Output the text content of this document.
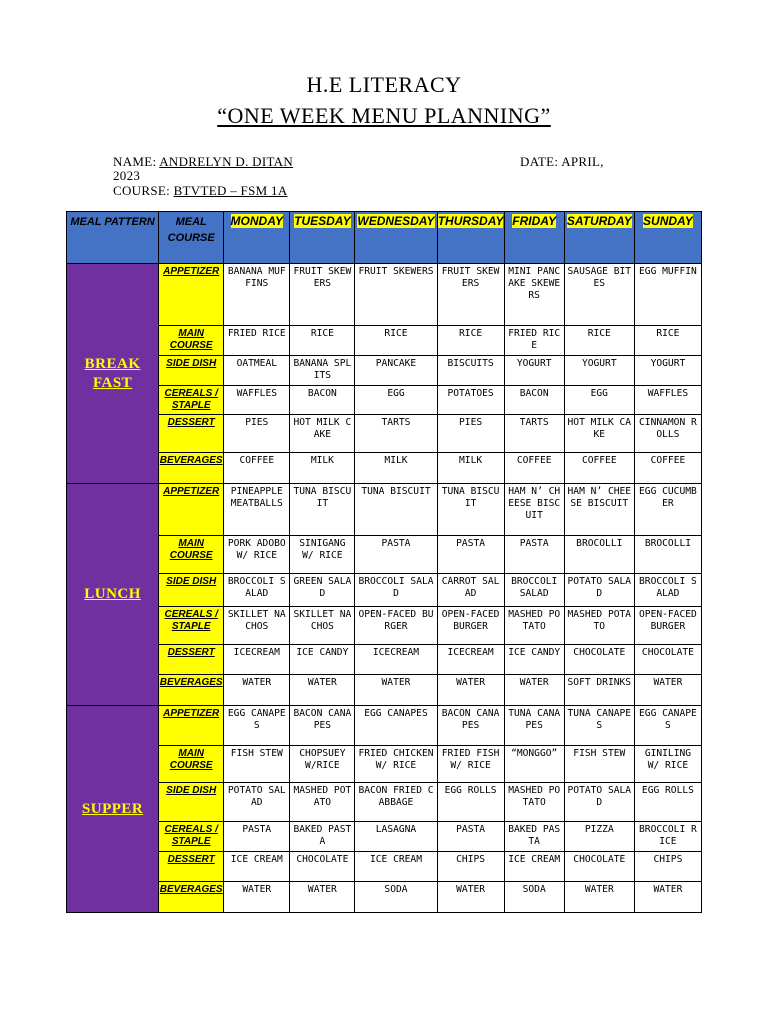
H.E LITERACY
“ONE WEEK MENU PLANNING”
NAME: ANDRELYN D. DITAN	DATE: APRIL,
2023
COURSE: BTVTED – FSM 1A
MEAL PATTERN	MEAL COURSE	MONDAY	TUESDAY	WEDNESDAY	THURSDAY	FRIDAY	SATURDAY	SUNDAY
BREAK FAST	APPETIZER	BANANA MUFFINS	FRUIT SKEWERS	FRUIT SKEWERS	FRUIT SKEWERS	MINI PANCAKE SKEWERS	SAUSAGE BITES	EGG MUFFIN

	MAIN COURSE	FRIED RICE	RICE	RICE	RICE	FRIED RICE	RICE	RICE

	SIDE DISH	OATMEAL	BANANA SPLITS	PANCAKE	BISCUITS	YOGURT	YOGURT	YOGURT

	CEREALS / STAPLE	WAFFLES	BACON	EGG	POTATOES	BACON	EGG	WAFFLES

	DESSERT	PIES	HOT MILK CAKE	TARTS	PIES	TARTS	HOT MILK CAKE	CINNAMON ROLLS

	BEVERAGES	COFFEE	MILK	MILK	MILK	COFFEE	COFFEE	COFFEE
LUNCH	APPETIZER	PINEAPPLE MEATBALLS	TUNA BISCUIT	TUNA BISCUIT	TUNA BISCUIT	HAM N’ CHEESE BISCUIT	HAM N’ CHEESE BISCUIT	EGG CUCUMBER

	MAIN COURSE	PORK ADOBO W/ RICE	SINIGANG W/ RICE	PASTA	PASTA	PASTA	BROCOLLI	BROCOLLI

	SIDE DISH	BROCCOLI SALAD	GREEN SALAD	BROCCOLI SALAD	CARROT SALAD	BROCCOLI SALAD	POTATO SALAD	BROCCOLI SALAD

	CEREALS / STAPLE	SKILLET NACHOS	SKILLET NACHOS	OPEN-FACED BURGER	OPEN-FACED BURGER	MASHED POTATO	MASHED POTATO	OPEN-FACED BURGER

	DESSERT	ICECREAM	ICE CANDY	ICECREAM	ICECREAM	ICE CANDY	CHOCOLATE	CHOCOLATE

	BEVERAGES	WATER	WATER	WATER	WATER	WATER	SOFT DRINKS	WATER
SUPPER	APPETIZER	EGG CANAPES	BACON CANAPES	EGG CANAPES	BACON CANAPES	TUNA CANAPES	TUNA CANAPES	EGG CANAPES

	MAIN COURSE	FISH STEW	CHOPSUEY W/RICE	FRIED CHICKEN W/ RICE	FRIED FISH W/ RICE	“MONGGO”	FISH STEW	GINILING W/ RICE

	SIDE DISH	POTATO SALAD	MASHED POTATO	BACON FRIED CABBAGE	EGG ROLLS	MASHED POTATO	POTATO SALAD	EGG ROLLS

	CEREALS / STAPLE	PASTA	BAKED PASTA	LASAGNA	PASTA	BAKED PASTA	PIZZA	BROCCOLI RICE

	DESSERT	ICE CREAM	CHOCOLATE	ICE CREAM	CHIPS	ICE CREAM	CHOCOLATE	CHIPS

	BEVERAGES	WATER	WATER	SODA	WATER	SODA	WATER	WATER
